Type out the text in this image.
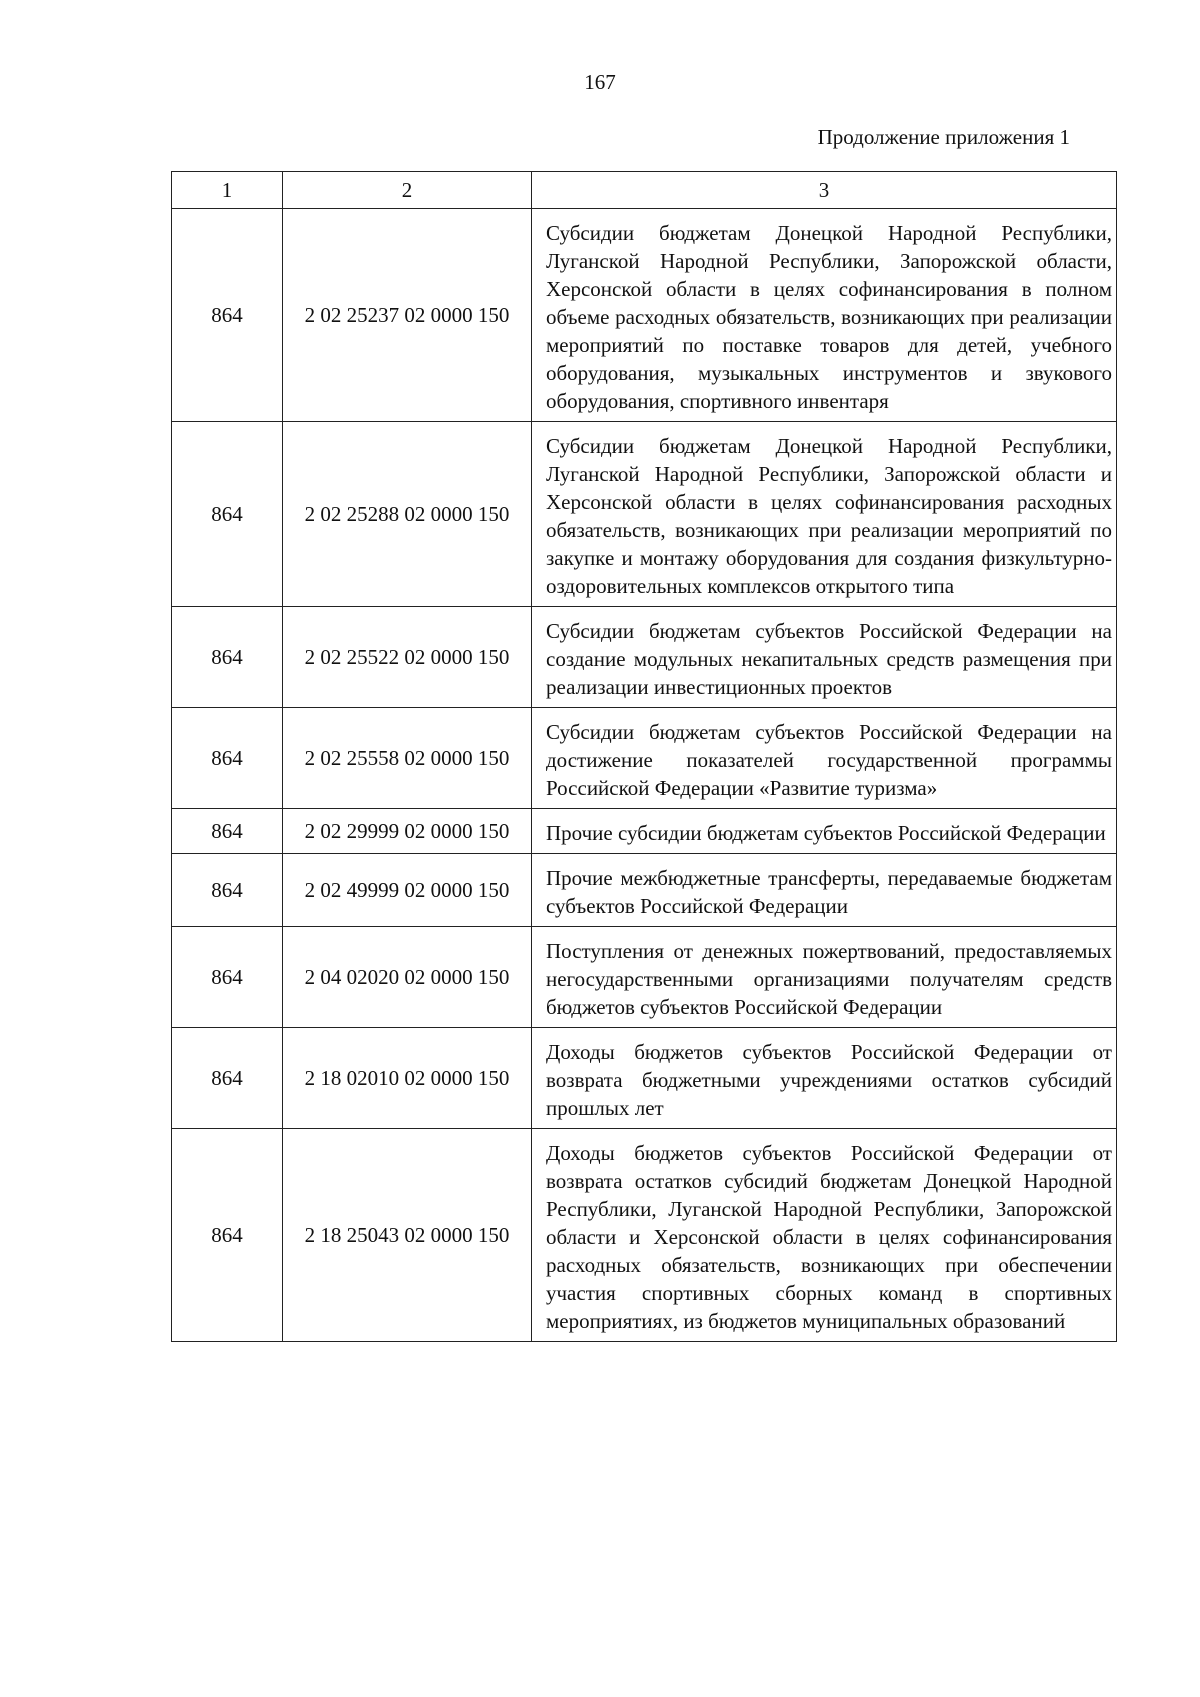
167
Продолжение приложения 1
1	2	3
864	2 02 25237 02 0000 150	Субсидии бюджетам Донецкой Народной Республики, Луганской Народной Республики, Запорожской области, Херсонской области в целях софинансирования в полном объеме расходных обязательств, возникающих при реализации мероприятий по поставке товаров для детей, учебного оборудования, музыкальных инструментов и звукового оборудования, спортивного инвентаря
864	2 02 25288 02 0000 150	Субсидии бюджетам Донецкой Народной Республики, Луганской Народной Республики, Запорожской области и Херсонской области в целях софинансирования расходных обязательств, возникающих при реализации мероприятий по закупке и монтажу оборудования для создания физкультурно-оздоровительных комплексов открытого типа
864	2 02 25522 02 0000 150	Субсидии бюджетам субъектов Российской Федерации на создание модульных некапитальных средств размещения при реализации инвестиционных проектов
864	2 02 25558 02 0000 150	Субсидии бюджетам субъектов Российской Федерации на достижение показателей государственной программы Российской Федерации «Развитие туризма»
864	2 02 29999 02 0000 150	Прочие субсидии бюджетам субъектов Российской Федерации
864	2 02 49999 02 0000 150	Прочие межбюджетные трансферты, передаваемые бюджетам субъектов Российской Федерации
864	2 04 02020 02 0000 150	Поступления от денежных пожертвований, предоставляемых негосударственными организациями получателям средств бюджетов субъектов Российской Федерации
864	2 18 02010 02 0000 150	Доходы бюджетов субъектов Российской Федерации от возврата бюджетными учреждениями остатков субсидий прошлых лет
864	2 18 25043 02 0000 150	Доходы бюджетов субъектов Российской Федерации от возврата остатков субсидий бюджетам Донецкой Народной Республики, Луганской Народной Республики, Запорожской области и Херсонской области в целях софинансирования расходных обязательств, возникающих при обеспечении участия спортивных сборных команд в спортивных мероприятиях, из бюджетов муниципальных образований
